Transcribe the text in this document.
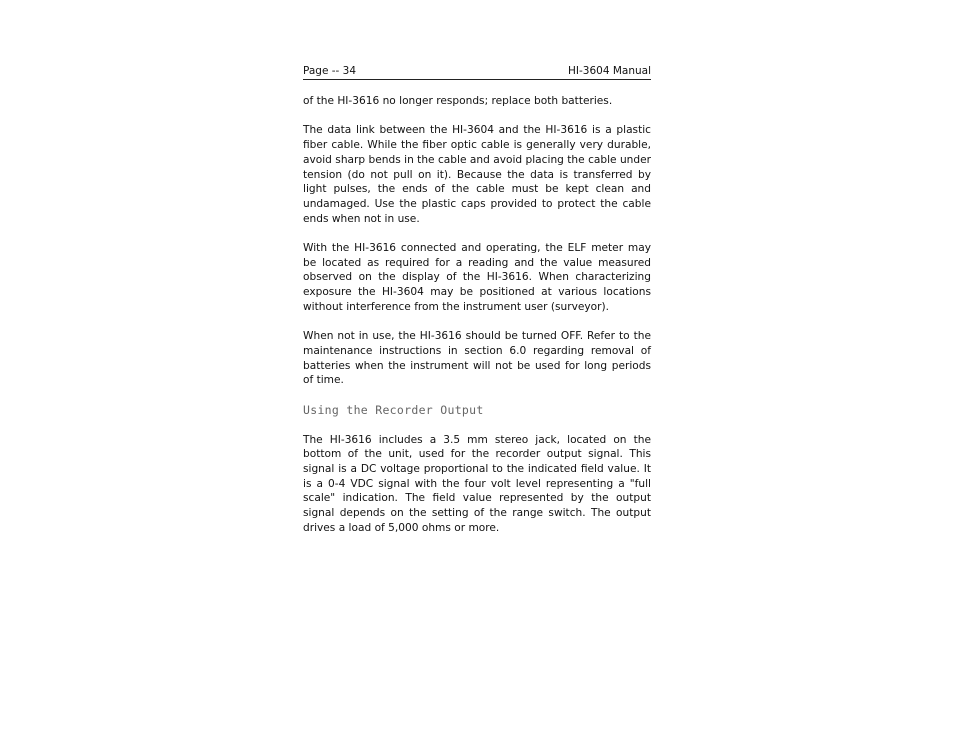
Page -- 34	HI-3604 Manual

of the HI-3616 no longer responds; replace both batteries.

The data link between the HI-3604 and the HI-3616 is a plastic fiber cable. While the fiber optic cable is generally very durable, avoid sharp bends in the cable and avoid placing the cable under tension (do not pull on it). Because the data is transferred by light pulses, the ends of the cable must be kept clean and undamaged. Use the plastic caps provided to protect the cable ends when not in use.

With the HI-3616 connected and operating, the ELF meter may be located as required for a reading and the value measured observed on the display of the HI-3616. When characterizing exposure the HI-3604 may be positioned at various locations without interference from the instrument user (surveyor).

When not in use, the HI-3616 should be turned OFF. Refer to the maintenance instructions in section 6.0 regarding removal of batteries when the instrument will not be used for long periods of time.

Using the Recorder Output

The HI-3616 includes a 3.5 mm stereo jack, located on the bottom of the unit, used for the recorder output signal. This signal is a DC voltage proportional to the indicated field value. It is a 0-4 VDC signal with the four volt level representing a "full scale" indication. The field value represented by the output signal depends on the setting of the range switch. The output drives a load of 5,000 ohms or more.
